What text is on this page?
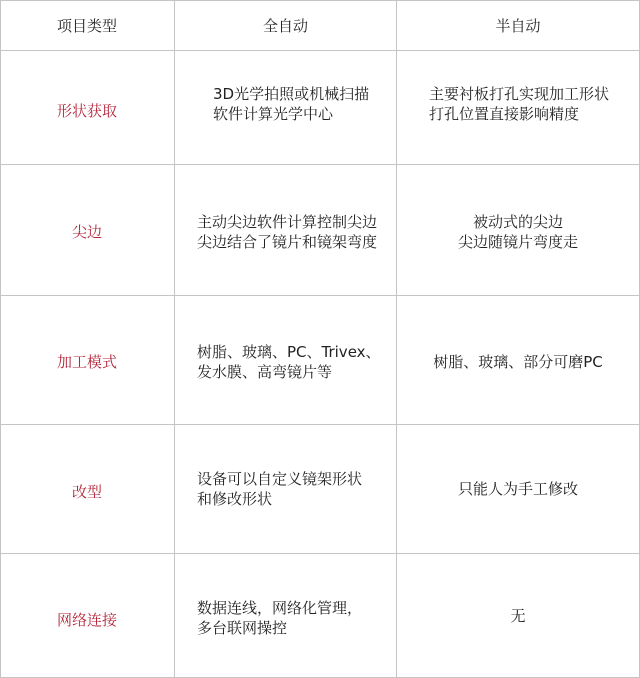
项目类型	全自动	半自动
形状获取
3D光学拍照或机械扫描
软件计算光学中心
主要衬板打孔实现加工形状
打孔位置直接影响精度
尖边
主动尖边软件计算控制尖边
尖边结合了镜片和镜架弯度
被动式的尖边
尖边随镜片弯度走
加工模式
树脂、玻璃、PC、Trivex、
发水膜、高弯镜片等
树脂、玻璃、部分可磨PC
改型
设备可以自定义镜架形状
和修改形状
只能人为手工修改
网络连接
数据连线，网络化管理，
多台联网操控
无
